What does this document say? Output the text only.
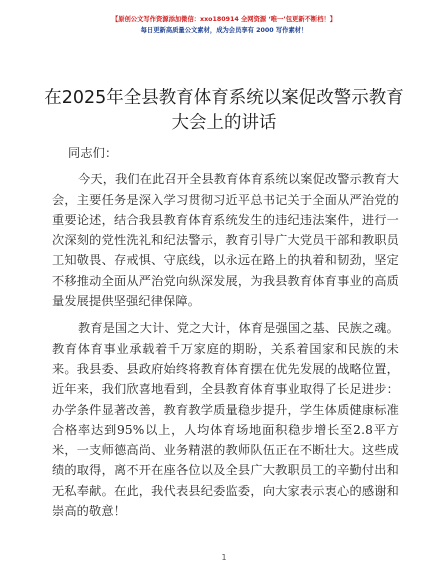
【原创公文写作资源添加微信：xxo180914 全网资源 ‘唯一’包更新不断档！】
每日更新高质量公文素材，成为会员享有 2000 写作素材！
在2025年全县教育体育系统以案促改警示教育大会上的讲话

同志们：

今天，我们在此召开全县教育体育系统以案促改警示教育大会，主要任务是深入学习贯彻习近平总书记关于全面从严治党的重要论述，结合我县教育体育系统发生的违纪违法案件，进行一次深刻的党性洗礼和纪法警示，教育引导广大党员干部和教职员工知敬畏、存戒惧、守底线，以永远在路上的执着和韧劲，坚定不移推动全面从严治党向纵深发展，为我县教育体育事业的高质量发展提供坚强纪律保障。

教育是国之大计、党之大计，体育是强国之基、民族之魂。教育体育事业承载着千万家庭的期盼，关系着国家和民族的未来。我县委、县政府始终将教育体育摆在优先发展的战略位置，近年来，我们欣喜地看到，全县教育体育事业取得了长足进步：办学条件显著改善，教育教学质量稳步提升，学生体质健康标准合格率达到95%以上，人均体育场地面积稳步增长至2.8平方米，一支师德高尚、业务精湛的教师队伍正在不断壮大。这些成绩的取得，离不开在座各位以及全县广大教职员工的辛勤付出和无私奉献。在此，我代表县纪委监委，向大家表示衷心的感谢和崇高的敬意！

1
